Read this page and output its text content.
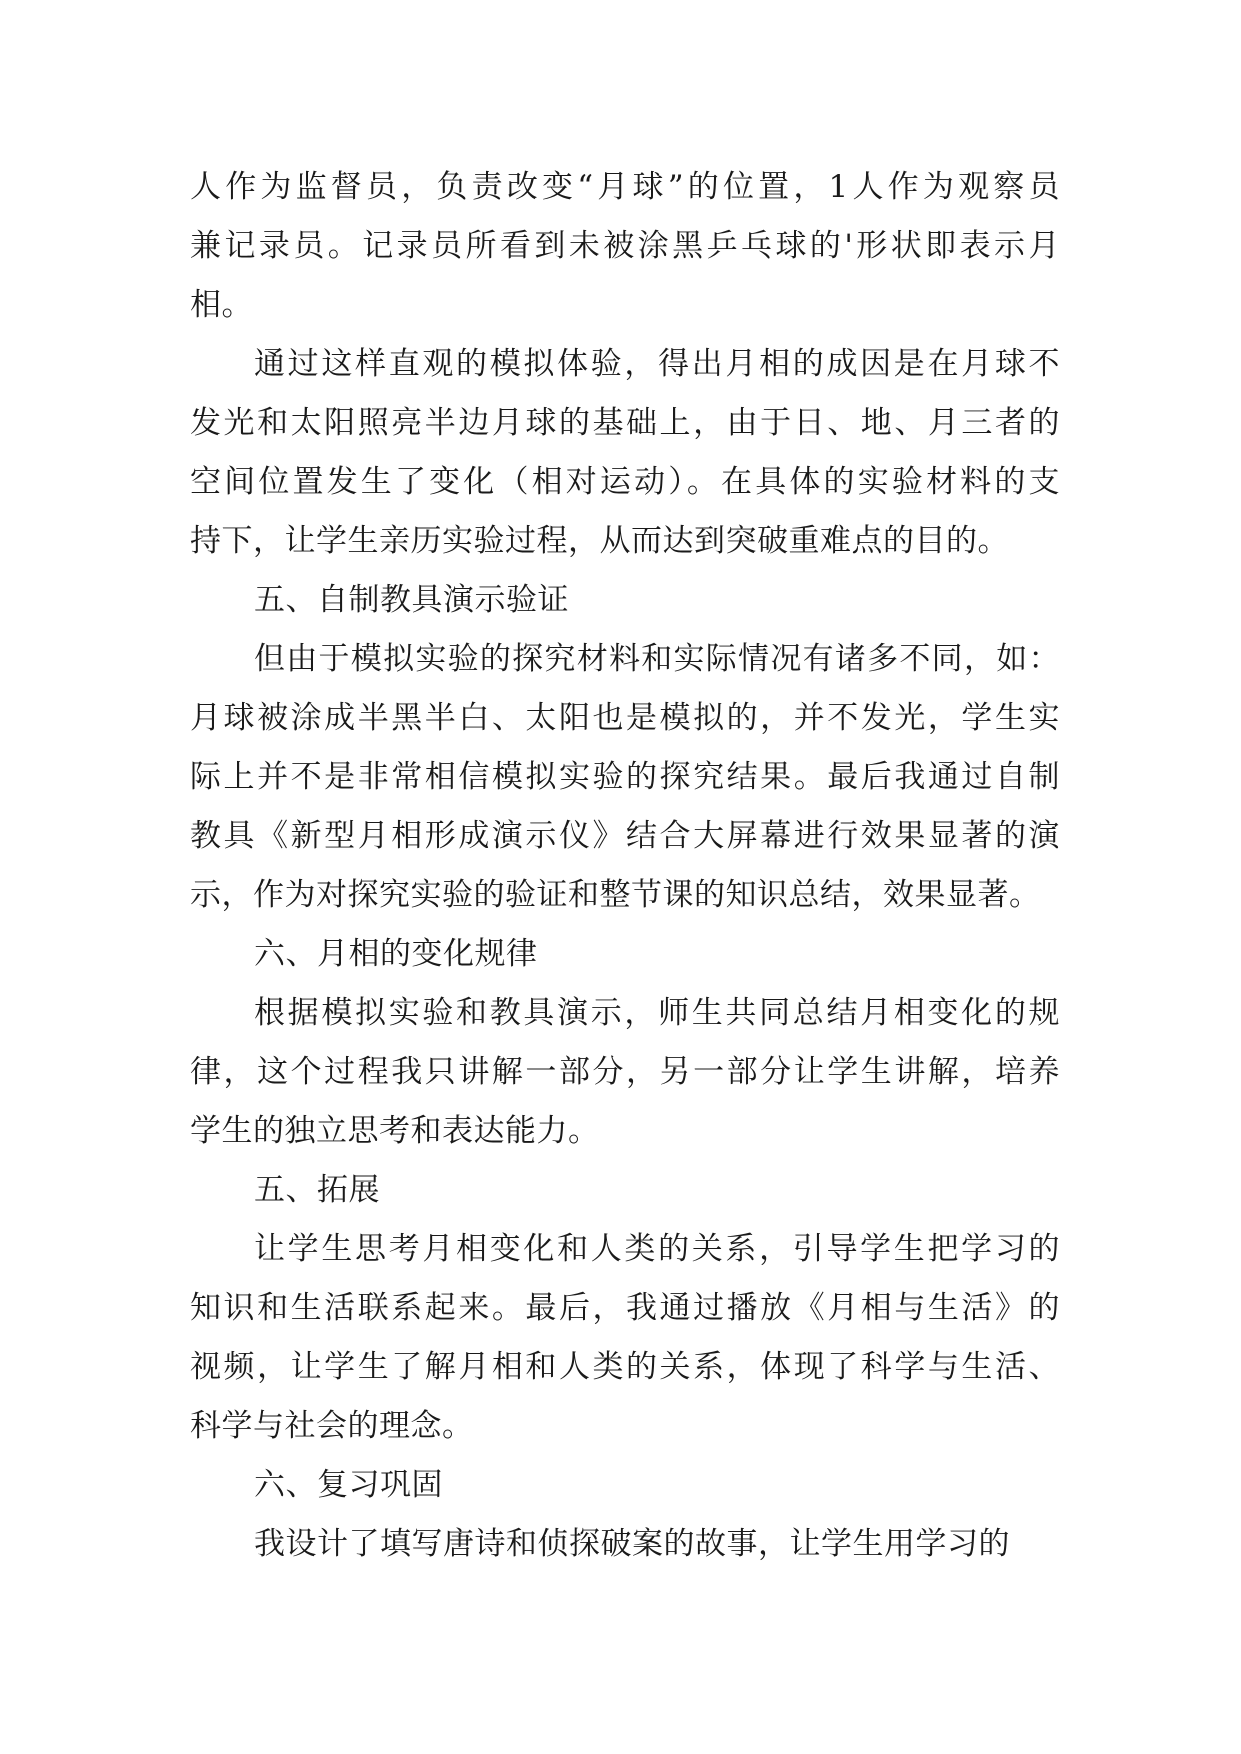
人作为监督员，负责改变“月球”的位置，1人作为观察员
兼记录员。记录员所看到未被涂黑乒乓球的'形状即表示月
相。
通过这样直观的模拟体验，得出月相的成因是在月球不
发光和太阳照亮半边月球的基础上，由于日、地、月三者的
空间位置发生了变化（相对运动）。在具体的实验材料的支
持下，让学生亲历实验过程，从而达到突破重难点的目的。
五、自制教具演示验证
但由于模拟实验的探究材料和实际情况有诸多不同，如：
月球被涂成半黑半白、太阳也是模拟的，并不发光，学生实
际上并不是非常相信模拟实验的探究结果。最后我通过自制
教具《新型月相形成演示仪》结合大屏幕进行效果显著的演
示，作为对探究实验的验证和整节课的知识总结，效果显著。
六、月相的变化规律
根据模拟实验和教具演示，师生共同总结月相变化的规
律，这个过程我只讲解一部分，另一部分让学生讲解，培养
学生的独立思考和表达能力。
五、拓展
让学生思考月相变化和人类的关系，引导学生把学习的
知识和生活联系起来。最后，我通过播放《月相与生活》的
视频，让学生了解月相和人类的关系，体现了科学与生活、
科学与社会的理念。
六、复习巩固
我设计了填写唐诗和侦探破案的故事，让学生用学习的
